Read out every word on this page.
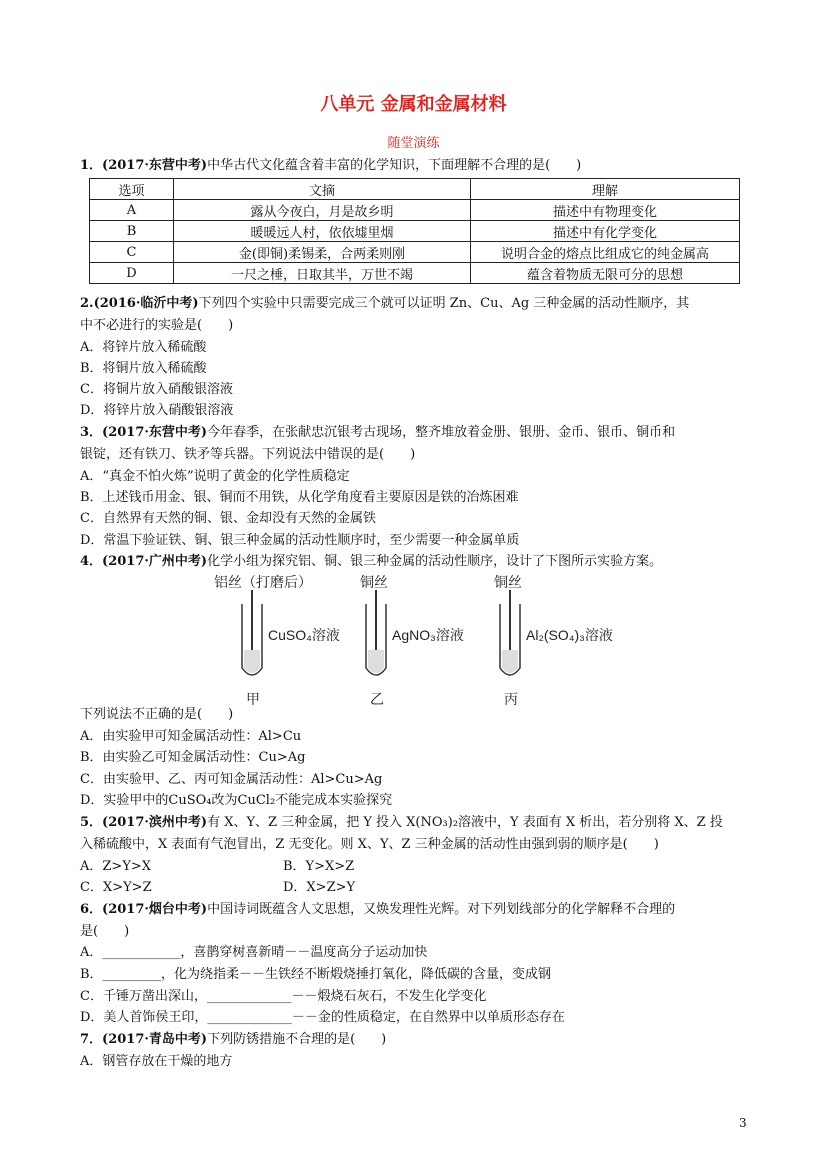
八单元 金属和金属材料
随堂演练
1．(2017·东营中考)中华古代文化蕴含着丰富的化学知识，下面理解不合理的是(　　)
选项	文摘	理解
A	露从今夜白，月是故乡明	描述中有物理变化
B	暖暖远人村，依依墟里烟	描述中有化学变化
C	金(即铜)柔锡柔，合两柔则刚	说明合金的熔点比组成它的纯金属高
D	一尺之棰，日取其半，万世不竭	蕴含着物质无限可分的思想
2.(2016·临沂中考)下列四个实验中只需要完成三个就可以证明 Zn、Cu、Ag 三种金属的活动性顺序，其
中不必进行的实验是(　　)
A．将锌片放入稀硫酸
B．将铜片放入稀硫酸
C．将铜片放入硝酸银溶液
D．将锌片放入硝酸银溶液
3．(2017·东营中考)今年春季，在张献忠沉银考古现场，整齐堆放着金册、银册、金币、银币、铜币和
银锭，还有铁刀、铁矛等兵器。下列说法中错误的是(　　)
A．“真金不怕火炼”说明了黄金的化学性质稳定
B．上述钱币用金、银、铜而不用铁，从化学角度看主要原因是铁的冶炼困难
C．自然界有天然的铜、银、金却没有天然的金属铁
D．常温下验证铁、铜、银三种金属的活动性顺序时，至少需要一种金属单质
4．(2017·广州中考)化学小组为探究铝、铜、银三种金属的活动性顺序，设计了下图所示实验方案。
铝丝（打磨后）
CuSO₄溶液
甲
铜丝
AgNO₃溶液
乙
铜丝
Al₂(SO₄)₃溶液
丙
下列说法不正确的是(　　)
A．由实验甲可知金属活动性：Al>Cu
B．由实验乙可知金属活动性：Cu>Ag
C．由实验甲、乙、丙可知金属活动性：Al>Cu>Ag
D．实验甲中的CuSO₄改为CuCl₂不能完成本实验探究
5．(2017·滨州中考)有 X、Y、Z 三种金属，把 Y 投入 X(NO₃)₂溶液中，Y 表面有 X 析出，若分别将 X、Z 投
入稀硫酸中，X 表面有气泡冒出，Z 无变化。则 X、Y、Z 三种金属的活动性由强到弱的顺序是(　　)
A．Z>Y>X	B．Y>X>Z
C．X>Y>Z	D．X>Z>Y
6．(2017·烟台中考)中国诗词既蕴含人文思想，又焕发理性光辉。对下列划线部分的化学解释不合理的
是(　　)
A．____________，喜鹊穿树喜新晴－－温度高分子运动加快
B．_________，化为绕指柔－－生铁经不断煅烧捶打氧化，降低碳的含量，变成钢
C．千锤万凿出深山，_____________－－煅烧石灰石，不发生化学变化
D．美人首饰侯王印，_____________－－金的性质稳定，在自然界中以单质形态存在
7．(2017·青岛中考)下列防锈措施不合理的是(　　)
A．钢管存放在干燥的地方
3
